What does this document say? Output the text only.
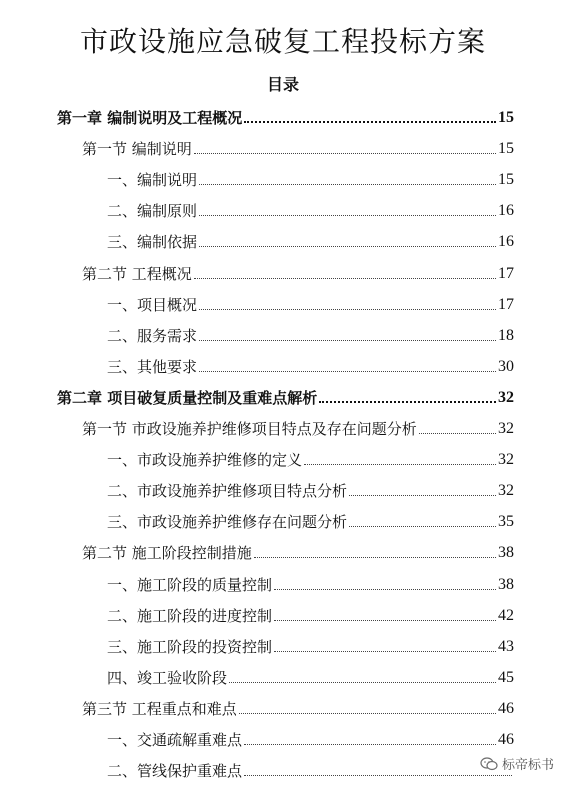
市政设施应急破复工程投标方案
目录
第一章 编制说明及工程概况	15
第一节 编制说明	15
一、编制说明	15
二、编制原则	16
三、编制依据	16
第二节 工程概况	17
一、项目概况	17
二、服务需求	18
三、其他要求	30
第二章 项目破复质量控制及重难点解析	32
第一节 市政设施养护维修项目特点及存在问题分析	32
一、市政设施养护维修的定义	32
二、市政设施养护维修项目特点分析	32
三、市政设施养护维修存在问题分析	35
第二节 施工阶段控制措施	38
一、施工阶段的质量控制	38
二、施工阶段的进度控制	42
三、施工阶段的投资控制	43
四、竣工验收阶段	45
第三节 工程重点和难点	46
一、交通疏解重难点	46
二、管线保护重难点	标帝标书
